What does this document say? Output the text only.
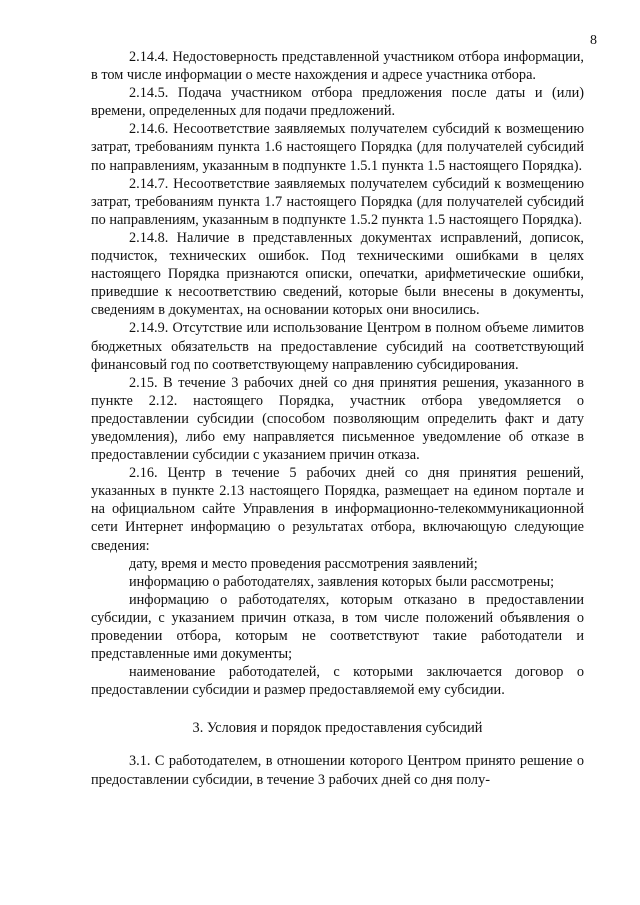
8

2.14.4. Недостоверность представленной участником отбора информации, в том числе информации о месте нахождения и адресе участника отбора.

2.14.5. Подача участником отбора предложения после даты и (или) времени, определенных для подачи предложений.

2.14.6. Несоответствие заявляемых получателем субсидий к возмещению затрат, требованиям пункта 1.6 настоящего Порядка (для получателей субсидий по направлениям, указанным в подпункте 1.5.1 пункта 1.5 настоящего Порядка).

2.14.7. Несоответствие заявляемых получателем субсидий к возмещению затрат, требованиям пункта 1.7 настоящего Порядка (для получателей субсидий по направлениям, указанным в подпункте 1.5.2 пункта 1.5 настоящего Порядка).

2.14.8. Наличие в представленных документах исправлений, дописок, подчисток, технических ошибок. Под техническими ошибками в целях настоящего Порядка признаются описки, опечатки, арифметические ошибки, приведшие к несоответствию сведений, которые были внесены в документы, сведениям в документах, на основании которых они вносились.

2.14.9. Отсутствие или использование Центром в полном объеме лимитов бюджетных обязательств на предоставление субсидий на соответствующий финансовый год по соответствующему направлению субсидирования.

2.15. В течение 3 рабочих дней со дня принятия решения, указанного в пункте 2.12. настоящего Порядка, участник отбора уведомляется о предоставлении субсидии (способом позволяющим определить факт и дату уведомления), либо ему направляется письменное уведомление об отказе в предоставлении субсидии с указанием причин отказа.

2.16. Центр в течение 5 рабочих дней со дня принятия решений, указанных в пункте 2.13 настоящего Порядка, размещает на едином портале и на официальном сайте Управления в информационно-телекоммуникационной сети Интернет информацию о результатах отбора, включающую следующие сведения:

дату, время и место проведения рассмотрения заявлений;

информацию о работодателях, заявления которых были рассмотрены;

информацию о работодателях, которым отказано в предоставлении субсидии, с указанием причин отказа, в том числе положений объявления о проведении отбора, которым не соответствуют такие работодатели и представленные ими документы;

наименование работодателей, с которыми заключается договор о предоставлении субсидии и размер предоставляемой ему субсидии.

3. Условия и порядок предоставления субсидий

3.1. С работодателем, в отношении которого Центром принято решение о предоставлении субсидии, в течение 3 рабочих дней со дня полу-
